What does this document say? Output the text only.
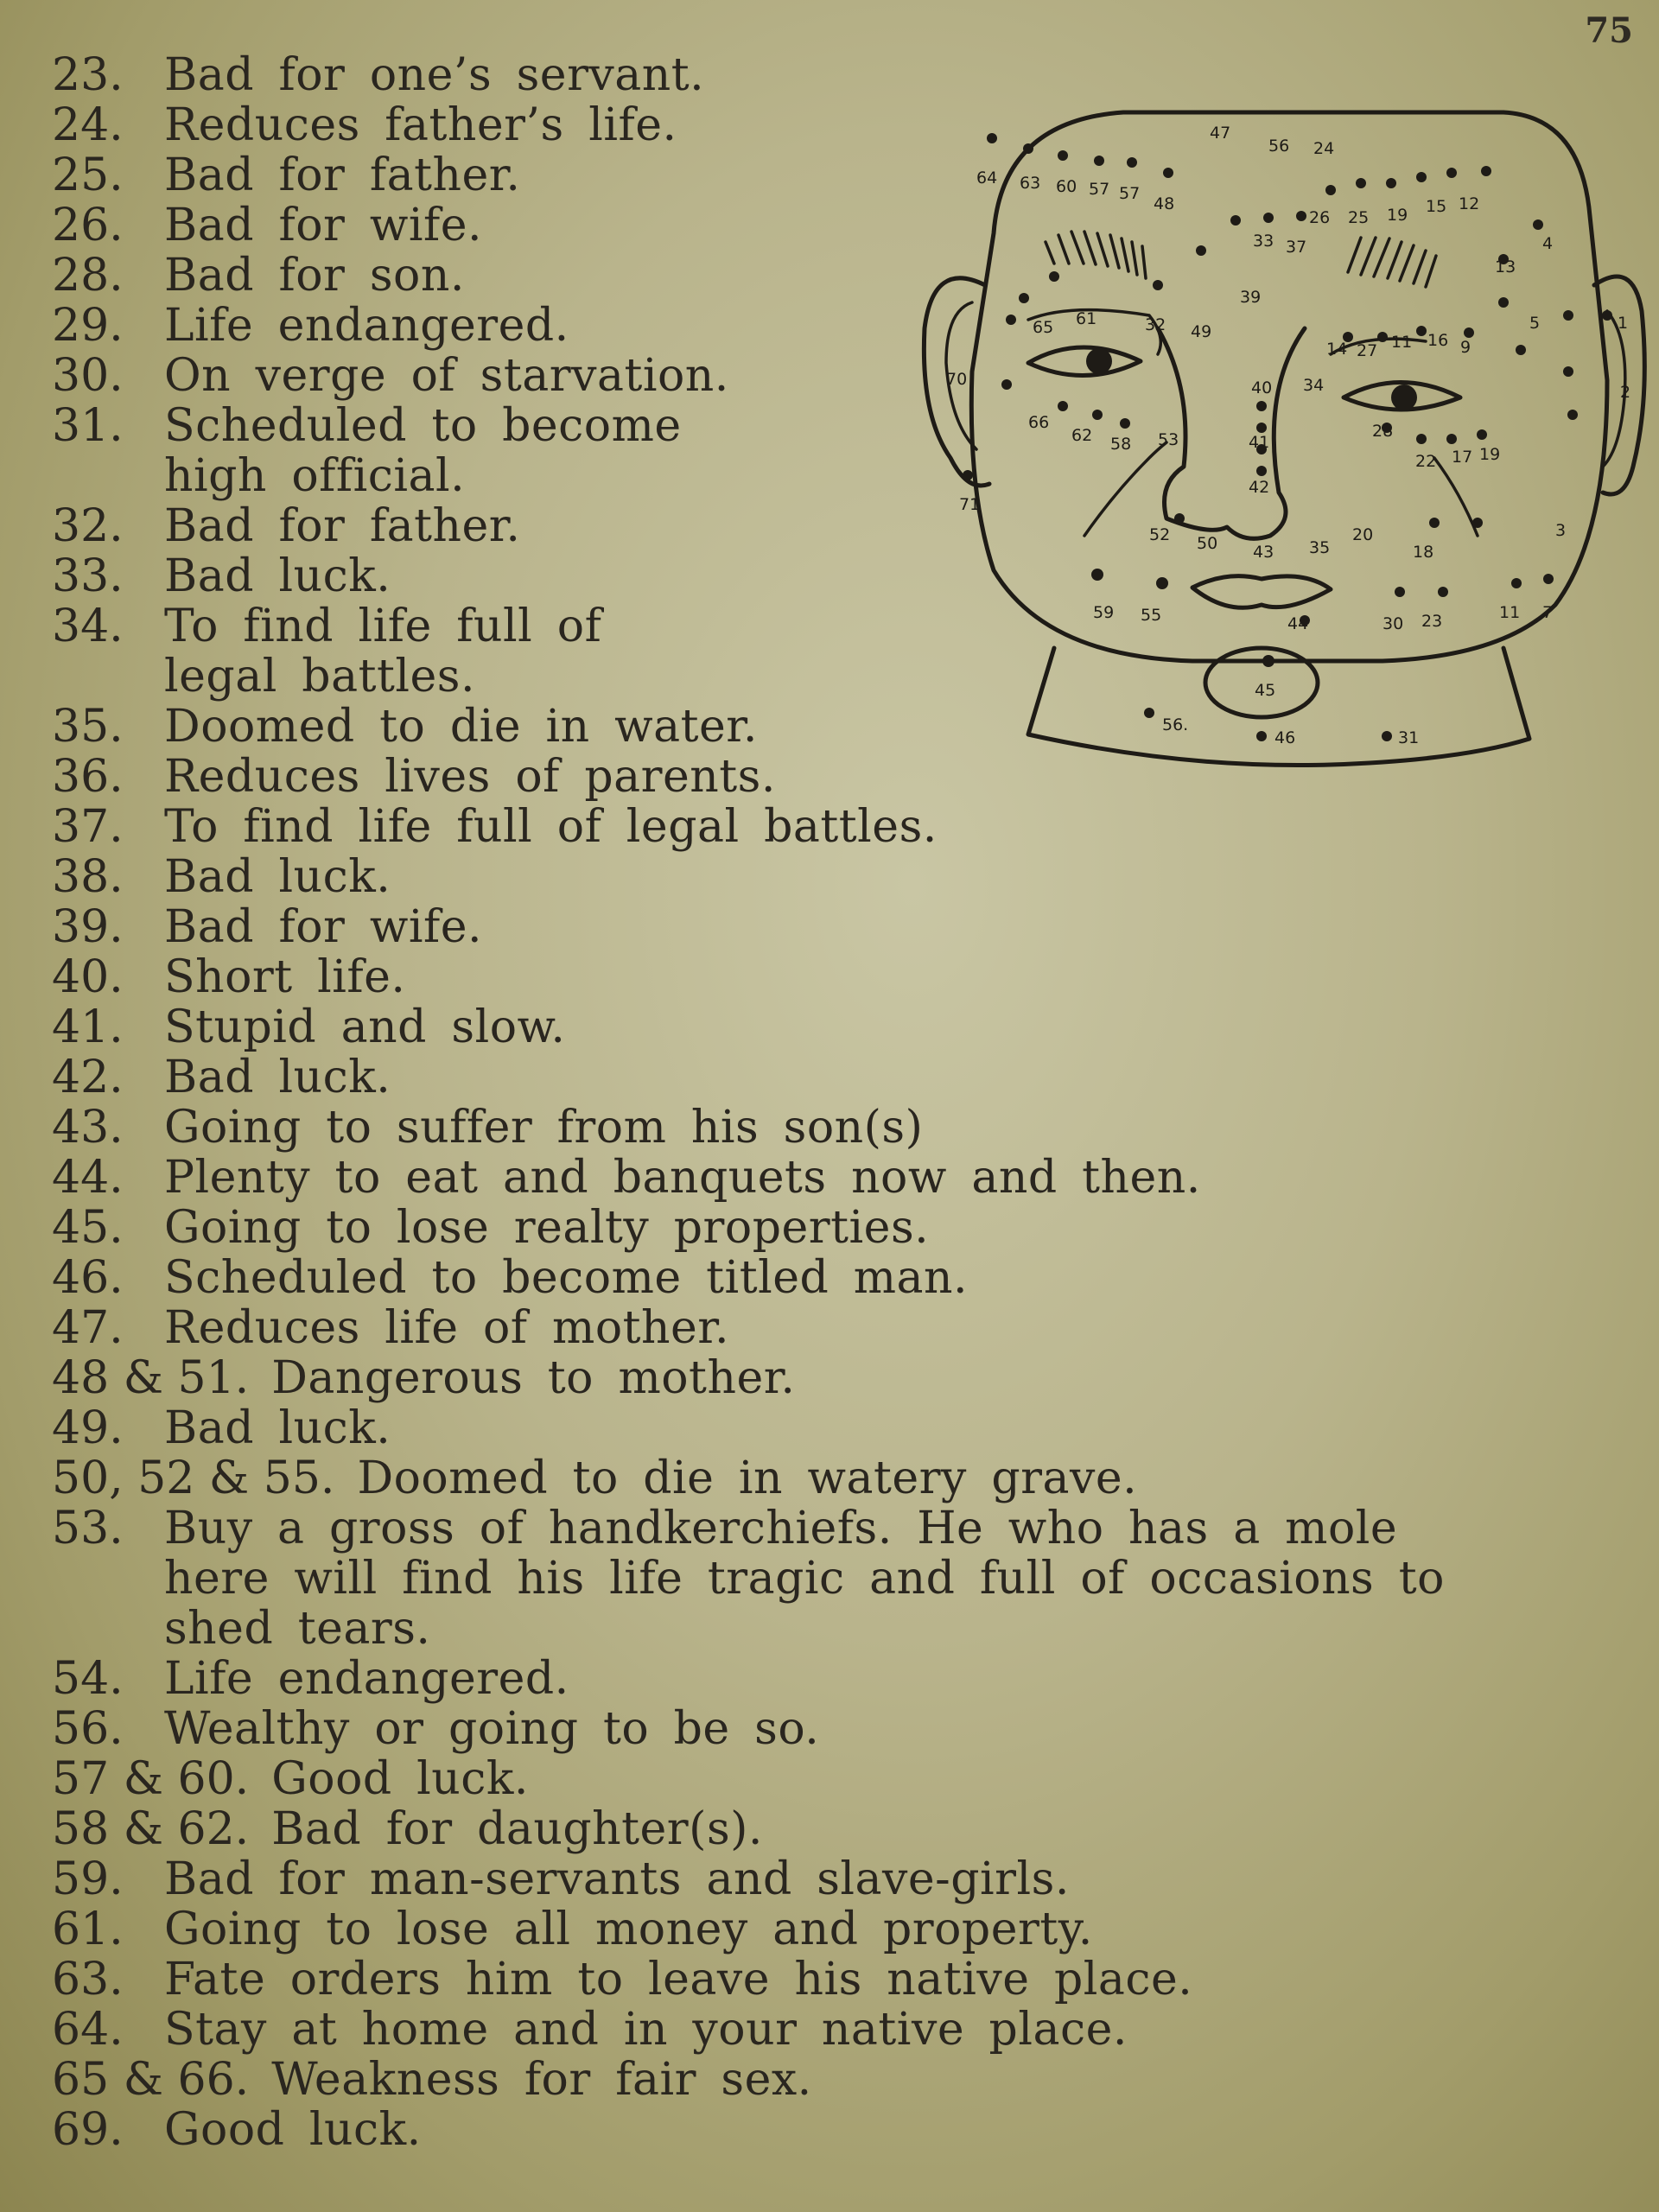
75
23. Bad for one’s servant.
24. Reduces father’s life.
25. Bad for father.
26. Bad for wife.
28. Bad for son.
29. Life endangered.
30. On verge of starvation.
31. Scheduled to become
high official.
32. Bad for father.
33. Bad luck.
34. To find life full of
legal battles.
35. Doomed to die in water.
36. Reduces lives of parents.
37. To find life full of legal battles.
38. Bad luck.
39. Bad for wife.
40. Short life.
41. Stupid and slow.
42. Bad luck.
43. Going to suffer from his son(s)
44. Plenty to eat and banquets now and then.
45. Going to lose realty properties.
46. Scheduled to become titled man.
47. Reduces life of mother.
48 & 51. Dangerous to mother.
49. Bad luck.
50, 52 & 55. Doomed to die in watery grave.
53. Buy a gross of handkerchiefs. He who has a mole
here will find his life tragic and full of occasions to
shed tears.
54. Life endangered.
56. Wealthy or going to be so.
57 & 60. Good luck.
58 & 62. Bad for daughter(s).
59. Bad for man-servants and slave-girls.
61. Going to lose all money and property.
63. Fate orders him to leave his native place.
64. Stay at home and in your native place.
65 & 66. Weakness for fair sex.
69. Good luck.
47
56 24
64 63 60 57 57
48
26 25 19 15 12
33 37
39
4
13
65 61	32 49
14 27 11 16 9
5
40 34
66
62 58 53	41
28
22 17 19
42
52 50 43 35
20
18
59 55	44	30 23	11 7
45
56.
46	31
71
70
3
2
1
